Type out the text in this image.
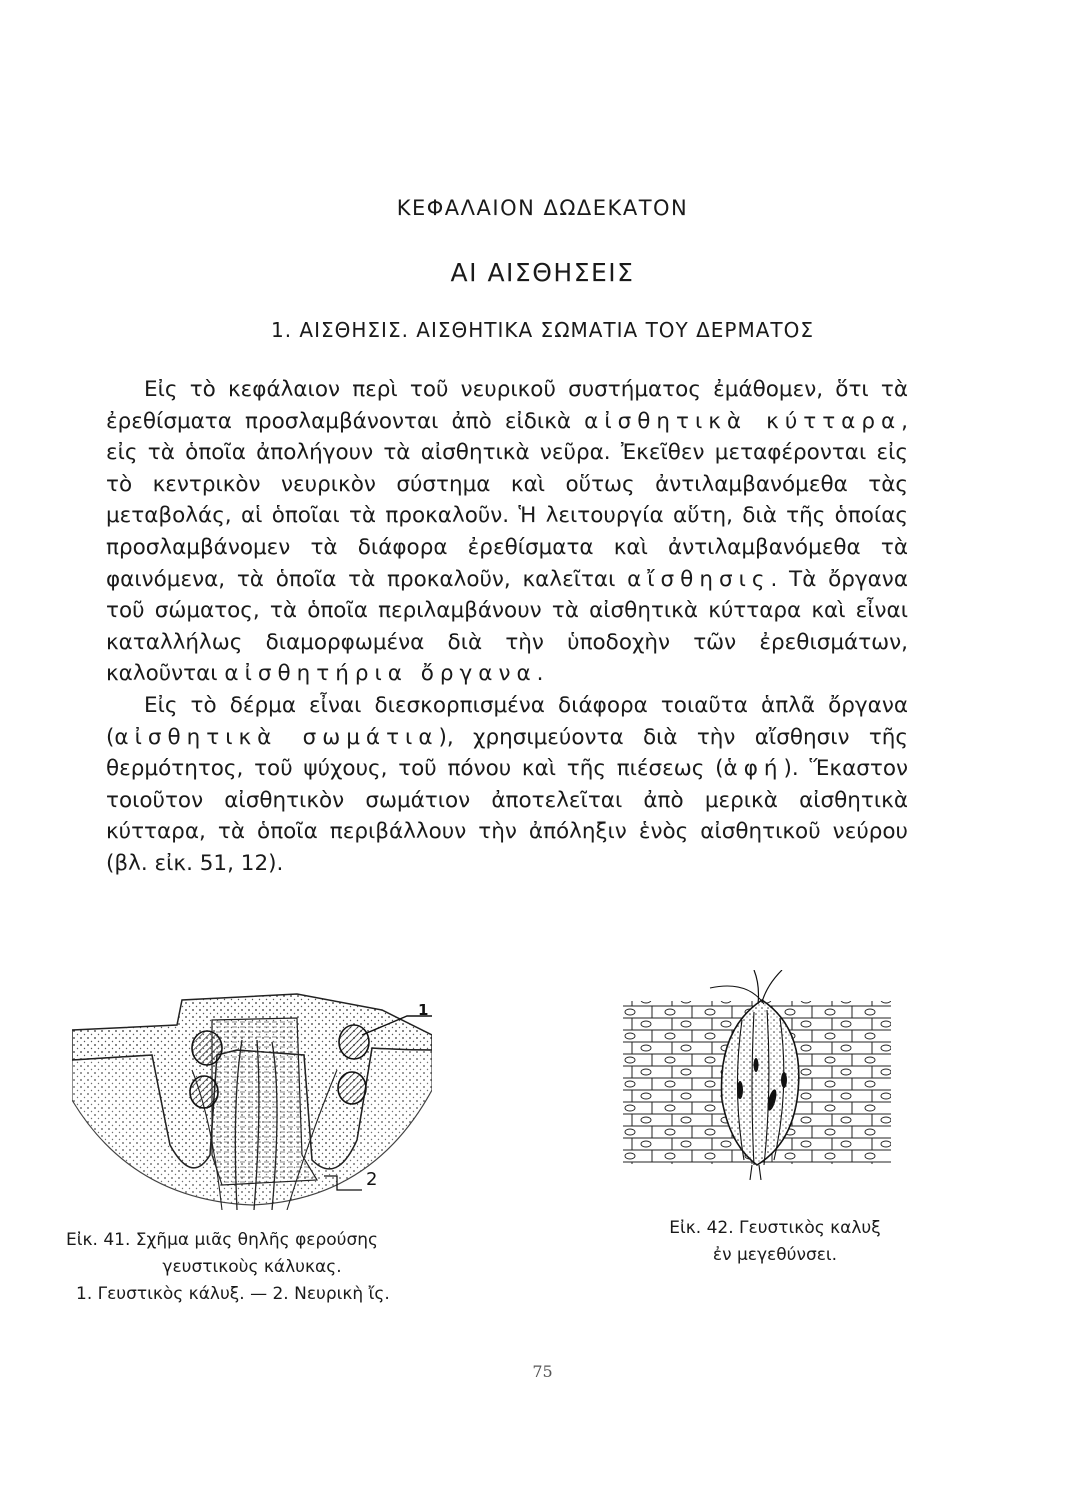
ΚΕΦΑΛΑΙΟΝ ΔΩΔΕΚΑΤΟΝ
ΑΙ ΑΙΣΘΗΣΕΙΣ
1. ΑΙΣΘΗΣΙΣ. ΑΙΣΘΗΤΙΚΑ ΣΩΜΑΤΙΑ ΤΟΥ ΔΕΡΜΑΤΟΣ

Εἰς τὸ κεφάλαιον περὶ τοῦ νευρικοῦ συστήματος ἐμάθομεν, ὅτι τὰ ἐρεθίσματα προσλαμβάνονται ἀπὸ εἰδικὰ αἰσθητικὰ κύτταρα, εἰς τὰ ὁποῖα ἀπολήγουν τὰ αἰσθητικὰ νεῦρα. Ἐκεῖθεν μεταφέρονται εἰς τὸ κεντρικὸν νευρικὸν σύστημα καὶ οὕτως ἀντιλαμβανόμεθα τὰς μεταβολάς, αἱ ὁποῖαι τὰ προκαλοῦν. Ἡ λειτουργία αὕτη, διὰ τῆς ὁποίας προσλαμβάνομεν τὰ διάφορα ἐρεθίσματα καὶ ἀντιλαμβανόμεθα τὰ φαινόμενα, τὰ ὁποῖα τὰ προκαλοῦν, καλεῖται αἴσθησις. Τὰ ὄργανα τοῦ σώματος, τὰ ὁποῖα περιλαμβάνουν τὰ αἰσθητικὰ κύτταρα καὶ εἶναι καταλλήλως διαμορφωμένα διὰ τὴν ὑποδοχὴν τῶν ἐρεθισμάτων, καλοῦνται αἰσθητήρια ὄργανα.

Εἰς τὸ δέρμα εἶναι διεσκορπισμένα διάφορα τοιαῦτα ἁπλᾶ ὄργανα (αἰσθητικὰ σωμάτια), χρησιμεύοντα διὰ τὴν αἴσθησιν τῆς θερμότητος, τοῦ ψύχους, τοῦ πόνου καὶ τῆς πιέσεως (ἁφή). Ἕκαστον τοιοῦτον αἰσθητικὸν σωμάτιον ἀποτελεῖται ἀπὸ μερικὰ αἰσθητικὰ κύτταρα, τὰ ὁποῖα περιβάλλουν τὴν ἀπόληξιν ἑνὸς αἰσθητικοῦ νεύρου (βλ. εἰκ. 51, 12).

1
2
Εἰκ. 41. Σχῆμα μιᾶς θηλῆς φερούσης
γευστικοὺς κάλυκας.
1. Γευστικὸς κάλυξ. — 2. Νευρικὴ ἴς.
Εἰκ. 42. Γευστικὸς καλυξ
ἐν μεγεθύνσει.
75
